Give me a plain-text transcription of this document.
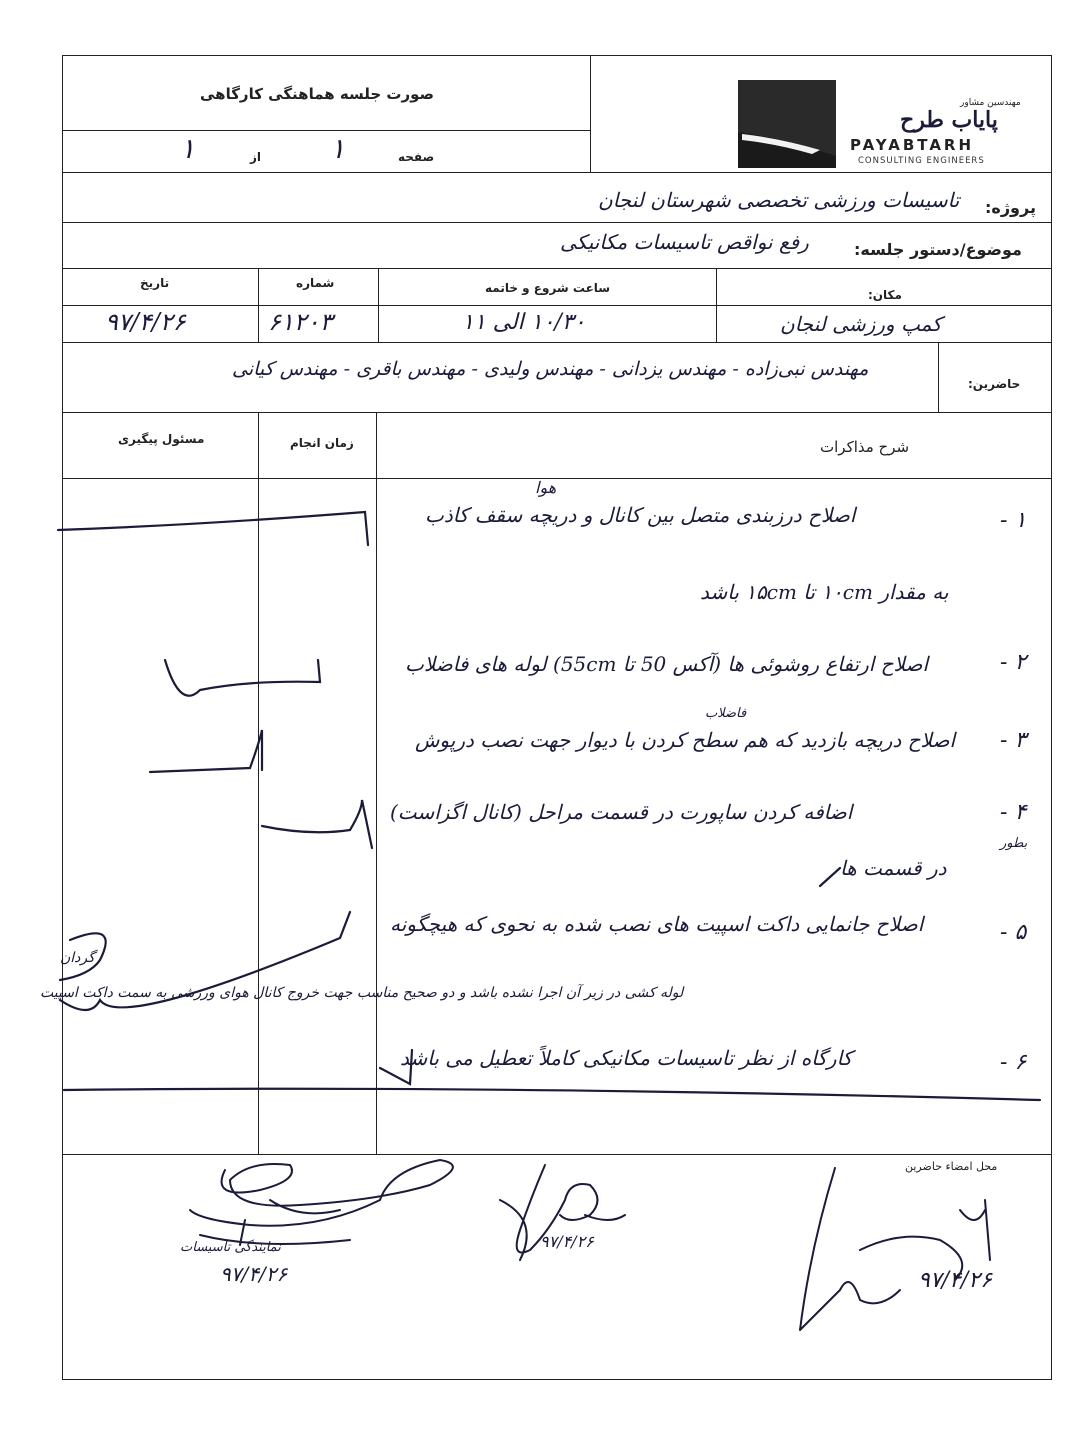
صورت جلسه هماهنگی کارگاهی
صفحه
۱
از
۱
مهندسین مشاور
پایاب طرح
PAYABTARH
CONSULTING ENGINEERS
پروژه:
تاسیسات ورزشی تخصصی شهرستان لنجان
موضوع/دستور جلسه:
رفع نواقص تاسیسات مکانیکی
تاریخ	شماره	ساعت شروع و خاتمه	مکان:
۹۷/۴/۲۶	۶۱۲۰۳	۱۰/۳۰ الی ۱۱	کمپ ورزشی لنجان
حاضرین:
مهندس نبی‌زاده - مهندس یزدانی - مهندس ولیدی - مهندس باقری - مهندس کیانی
مسئول پیگیری	زمان انجام	شرح مذاکرات
هوا
۱ -
اصلاح درزبندی متصل بین کانال و دریچه سقف کاذب
به مقدار ۱۰cm تا ۱۵cm باشد
۲ -
اصلاح ارتفاع روشوئی ها (آکس 50 تا 55cm) لوله های فاضلاب
فاضلاب
۳ -
اصلاح دریچه بازدید که هم سطح کردن با دیوار جهت نصب درپوش
۴ -
اضافه کردن ساپورت در قسمت مراحل (کانال اگزاست)
بطور
در قسمت ها
۵ -
اصلاح جانمایی داکت اسپیت های نصب شده به نحوی که هیچگونه
لوله کشی در زیر آن اجرا نشده باشد و دو صحیح مناسب جهت خروج کانال هوای ورزشی به سمت داکت اسپیت
گردان
۶ -
کارگاه از نظر تاسیسات مکانیکی کاملاً تعطیل می باشد
محل امضاء حاضرین
نمایندگی تاسیسات
۹۷/۴/۲۶
۹۷/۴/۲۶
۹۷/۴/۲۶
